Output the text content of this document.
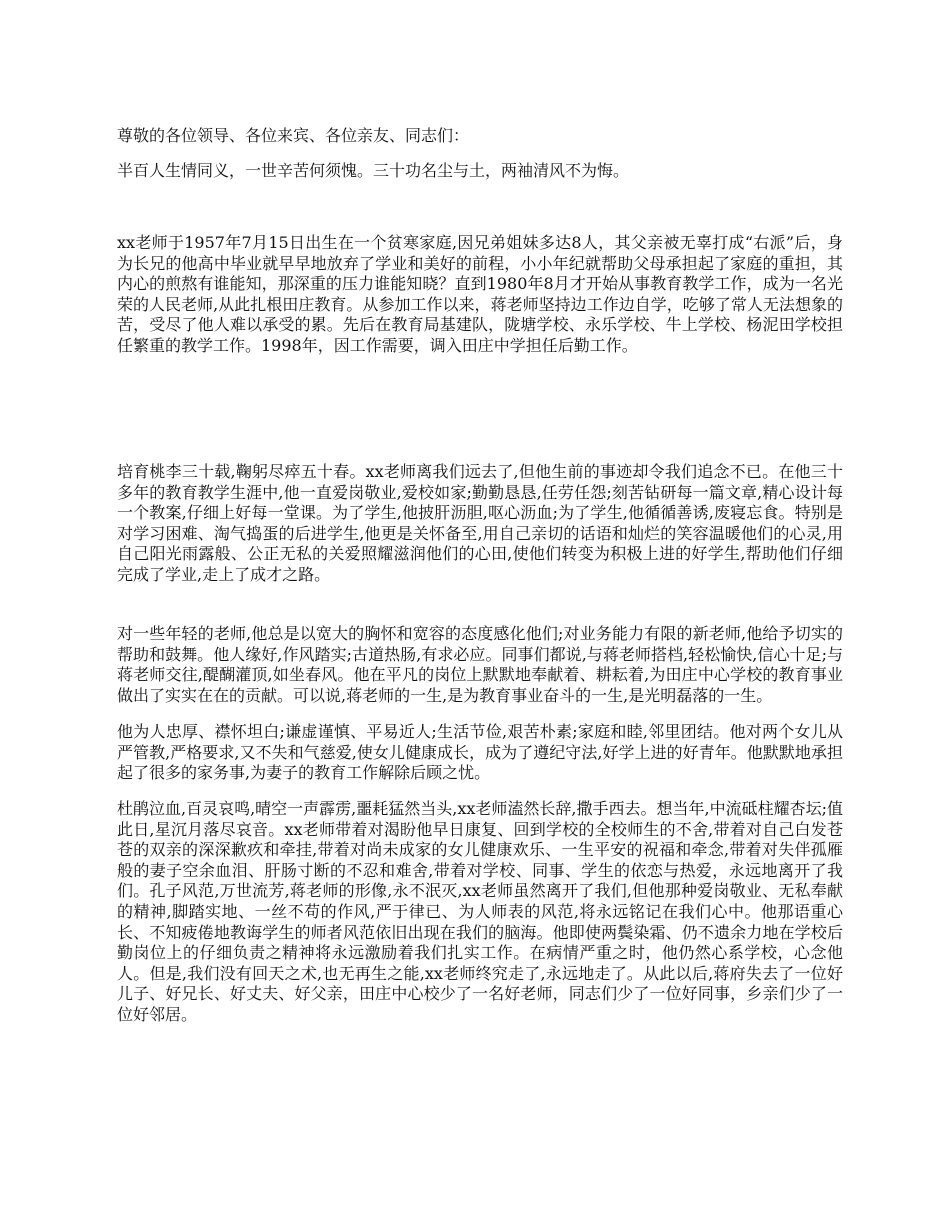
尊敬的各位领导、各位来宾、各位亲友、同志们：

半百人生情同义，一世辛苦何须愧。三十功名尘与土，两袖清风不为悔。

xx老师于1957年7月15日出生在一个贫寒家庭,因兄弟姐妹多达8人，其父亲被无辜打成“右派”后，身为长兄的他高中毕业就早早地放弃了学业和美好的前程，小小年纪就帮助父母承担起了家庭的重担，其内心的煎熬有谁能知，那深重的压力谁能知晓？直到1980年8月才开始从事教育教学工作，成为一名光荣的人民老师,从此扎根田庄教育。从参加工作以来，蒋老师坚持边工作边自学，吃够了常人无法想象的苦，受尽了他人难以承受的累。先后在教育局基建队，陇塘学校、永乐学校、牛上学校、杨泥田学校担任繁重的教学工作。1998年，因工作需要，调入田庄中学担任后勤工作。

培育桃李三十载,鞠躬尽瘁五十春。xx老师离我们远去了,但他生前的事迹却令我们追念不已。在他三十多年的教育教学生涯中,他一直爱岗敬业,爱校如家;勤勤恳恳,任劳任怨;刻苦钻研每一篇文章,精心设计每一个教案,仔细上好每一堂课。为了学生,他披肝沥胆,呕心沥血;为了学生,他循循善诱,废寝忘食。特别是对学习困难、淘气捣蛋的后进学生,他更是关怀备至,用自己亲切的话语和灿烂的笑容温暖他们的心灵,用自己阳光雨露般、公正无私的关爱照耀滋润他们的心田,使他们转变为积极上进的好学生,帮助他们仔细完成了学业,走上了成才之路。

对一些年轻的老师,他总是以宽大的胸怀和宽容的态度感化他们;对业务能力有限的新老师,他给予切实的帮助和鼓舞。他人缘好,作风踏实;古道热肠,有求必应。同事们都说,与蒋老师搭档,轻松愉快,信心十足;与蒋老师交往,醍醐灌顶,如坐春风。他在平凡的岗位上默默地奉献着、耕耘着,为田庄中心学校的教育事业做出了实实在在的贡献。可以说,蒋老师的一生,是为教育事业奋斗的一生,是光明磊落的一生。

他为人忠厚、襟怀坦白;谦虚谨慎、平易近人;生活节俭,艰苦朴素;家庭和睦,邻里团结。他对两个女儿从严管教,严格要求,又不失和气慈爱,使女儿健康成长，成为了遵纪守法,好学上进的好青年。他默默地承担起了很多的家务事,为妻子的教育工作解除后顾之忧。

杜鹃泣血,百灵哀鸣,晴空一声霹雳,噩耗猛然当头,xx老师溘然长辞,撒手西去。想当年,中流砥柱耀杏坛;值此日,星沉月落尽哀音。xx老师带着对渴盼他早日康复、回到学校的全校师生的不舍,带着对自己白发苍苍的双亲的深深歉疚和牵挂,带着对尚未成家的女儿健康欢乐、一生平安的祝福和牵念,带着对失伴孤雁般的妻子空余血泪、肝肠寸断的不忍和难舍,带着对学校、同事、学生的依恋与热爱，永远地离开了我们。孔子风范,万世流芳,蒋老师的形像,永不泯灭,xx老师虽然离开了我们,但他那种爱岗敬业、无私奉献的精神,脚踏实地、一丝不苟的作风,严于律已、为人师表的风范,将永远铭记在我们心中。他那语重心长、不知疲倦地教诲学生的师者风范依旧出现在我们的脑海。他即使两鬓染霜、仍不遗余力地在学校后勤岗位上的仔细负责之精神将永远激励着我们扎实工作。在病情严重之时，他仍然心系学校，心念他人。但是,我们没有回天之术,也无再生之能,xx老师终究走了,永远地走了。从此以后,蒋府失去了一位好儿子、好兄长、好丈夫、好父亲，田庄中心校少了一名好老师，同志们少了一位好同事，乡亲们少了一位好邻居。
